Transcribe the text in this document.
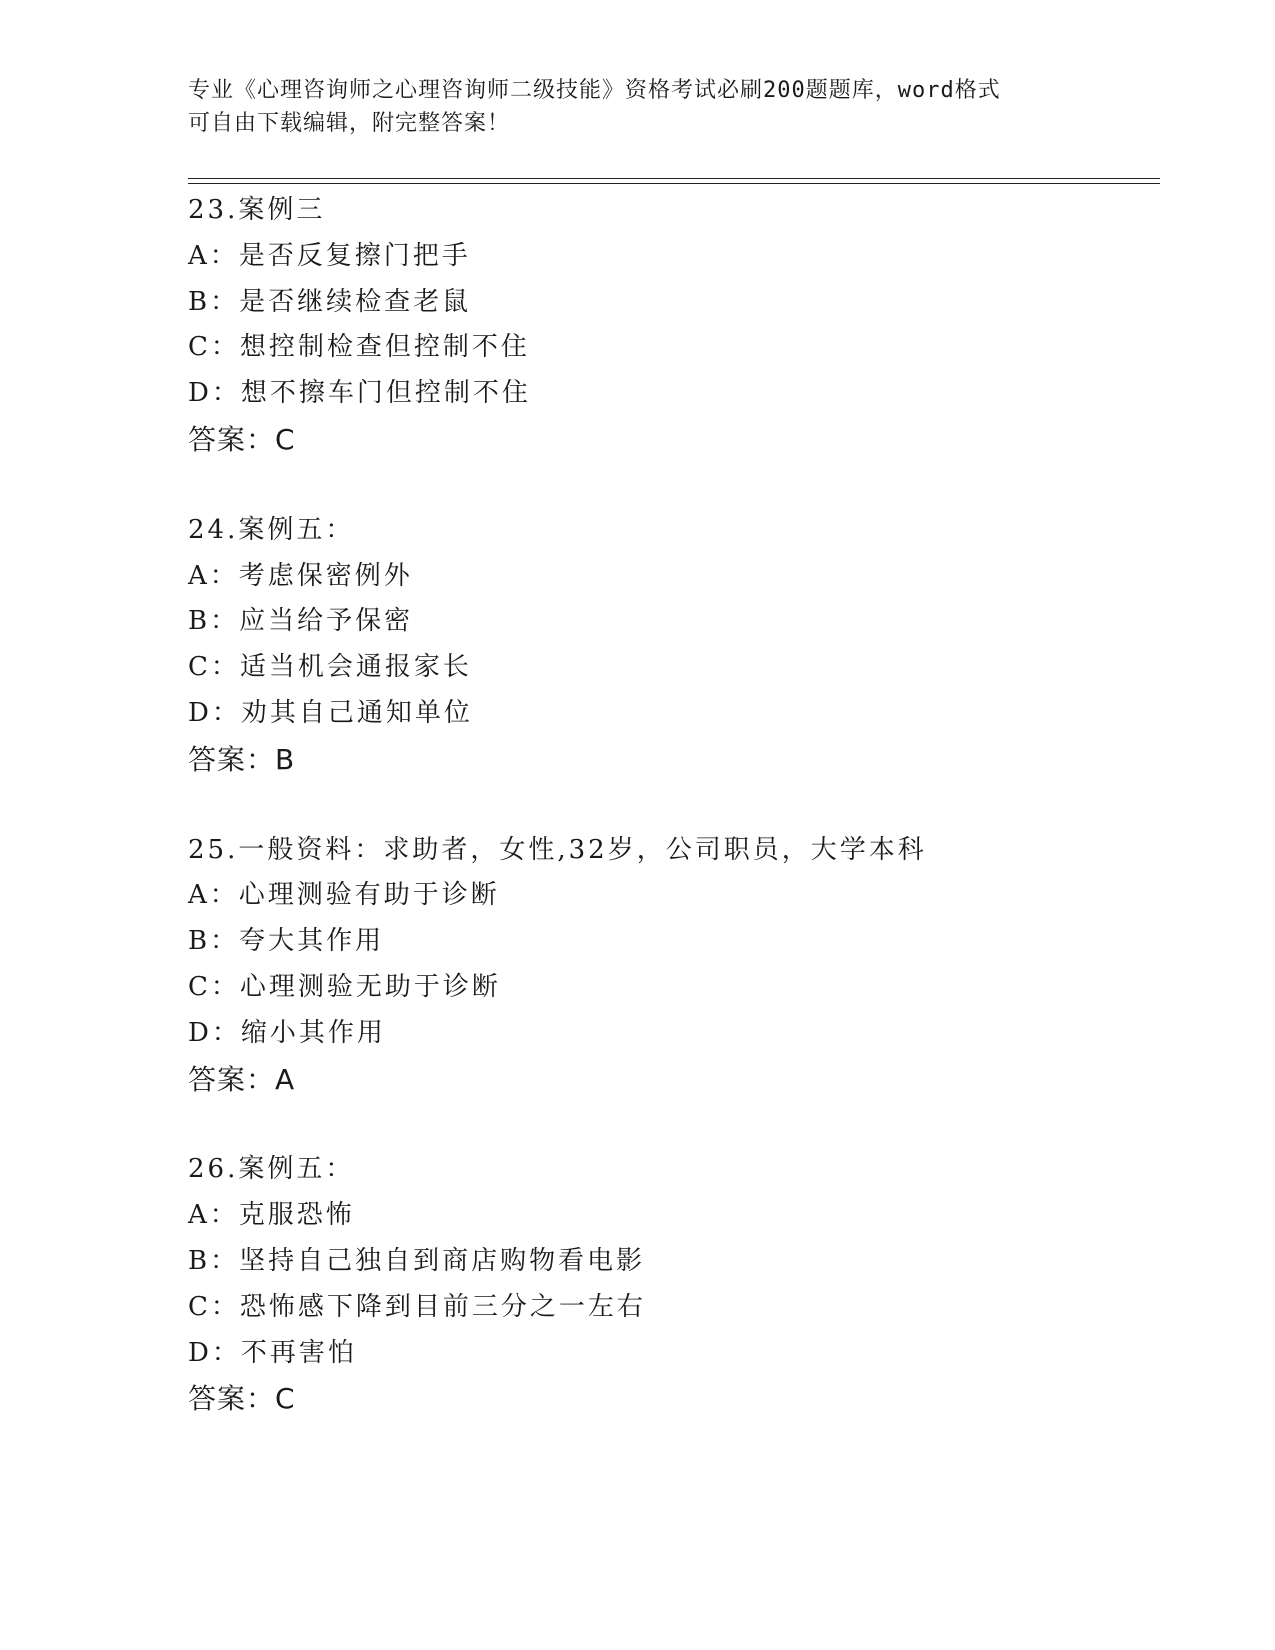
专业《心理咨询师之心理咨询师二级技能》资格考试必刷200题题库，word格式
可自由下载编辑，附完整答案！
23.案例三
A：是否反复擦门把手
B：是否继续检查老鼠
C：想控制检查但控制不住
D：想不擦车门但控制不住
答案：C
24.案例五：
A：考虑保密例外
B：应当给予保密
C：适当机会通报家长
D：劝其自己通知单位
答案：B
25.一般资料：求助者，女性,32岁，公司职员，大学本科
A：心理测验有助于诊断
B：夸大其作用
C：心理测验无助于诊断
D：缩小其作用
答案：A
26.案例五：
A：克服恐怖
B：坚持自己独自到商店购物看电影
C：恐怖感下降到目前三分之一左右
D：不再害怕
答案：C
